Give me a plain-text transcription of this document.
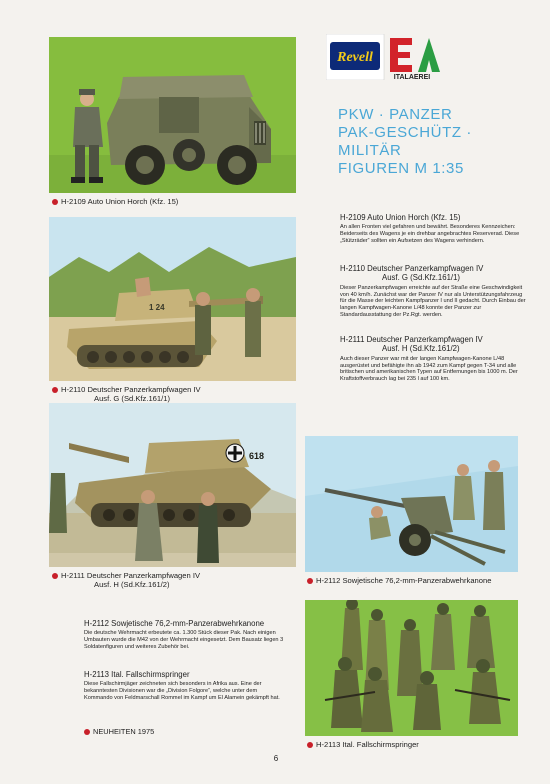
Revell
ITALAEREI
PKW · PANZER
PAK-GESCHÜTZ · MILITÄR
FIGUREN M 1:35
H-2109 Auto Union Horch (Kfz. 15)
1 24
H-2110 Deutscher Panzerkampfwagen IV
Ausf. G (Sd.Kfz.161/1)
618
H-2111 Deutscher Panzerkampfwagen IV
Ausf. H (Sd.Kfz.161/2)	H-2112 Sowjetische 76,2-mm-Panzerabwehrkanone
H-2113 Ital. Fallschirmspringer
H-2109 Auto Union Horch (Kfz. 15)

An allen Fronten viel gefahren und bewährt. Besonderes Kennzeichen: Beiderseits des Wagens je ein drehbar angebrachtes Reserverad. Diese „Stützräder“ sollten ein Aufsetzen des Wagens verhindern.

H-2110 Deutscher Panzerkampfwagen IV
Ausf. G (Sd.Kfz.161/1)

Dieser Panzerkampfwagen erreichte auf der Straße eine Geschwindigkeit von 40 km/h. Zunächst war der Panzer IV nur als Unterstützungsfahrzeug für die Masse der leichten Kampfpanzer I und II gedacht. Durch Einbau der langen Kampfwagen-Kanone L/48 konnte der Panzer zur Standardausstattung der Pz.Rgt. werden.

H-2111 Deutscher Panzerkampfwagen IV
Ausf. H (Sd.Kfz.161/2)

Auch dieser Panzer war mit der langen Kampfwagen-Kanone L/48 ausgerüstet und befähigte ihn ab 1942 zum Kampf gegen T-34 und alle britischen und amerikanischen Typen auf Entfernungen bis 1000 m. Der Kraftstoffverbrauch lag bei 235 l auf 100 km.

H-2112 Sowjetische 76,2-mm-Panzerabwehrkanone

Die deutsche Wehrmacht erbeutete ca. 1.300 Stück dieser Pak. Nach einigen Umbauten wurde die M42 von der Wehrmacht eingesetzt. Dem Bausatz liegen 3 Soldatenfiguren und weiteres Zubehör bei.

H-2113 Ital. Fallschirmspringer

Diese Fallschirmjäger zeichneten sich besonders in Afrika aus. Eine der bekanntesten Divisionen war die „Division Folgore“, welche unter dem Kommando von Feldmarschall Rommel im Kampf um El Alamein gekämpft hat.

NEUHEITEN 1975
6
